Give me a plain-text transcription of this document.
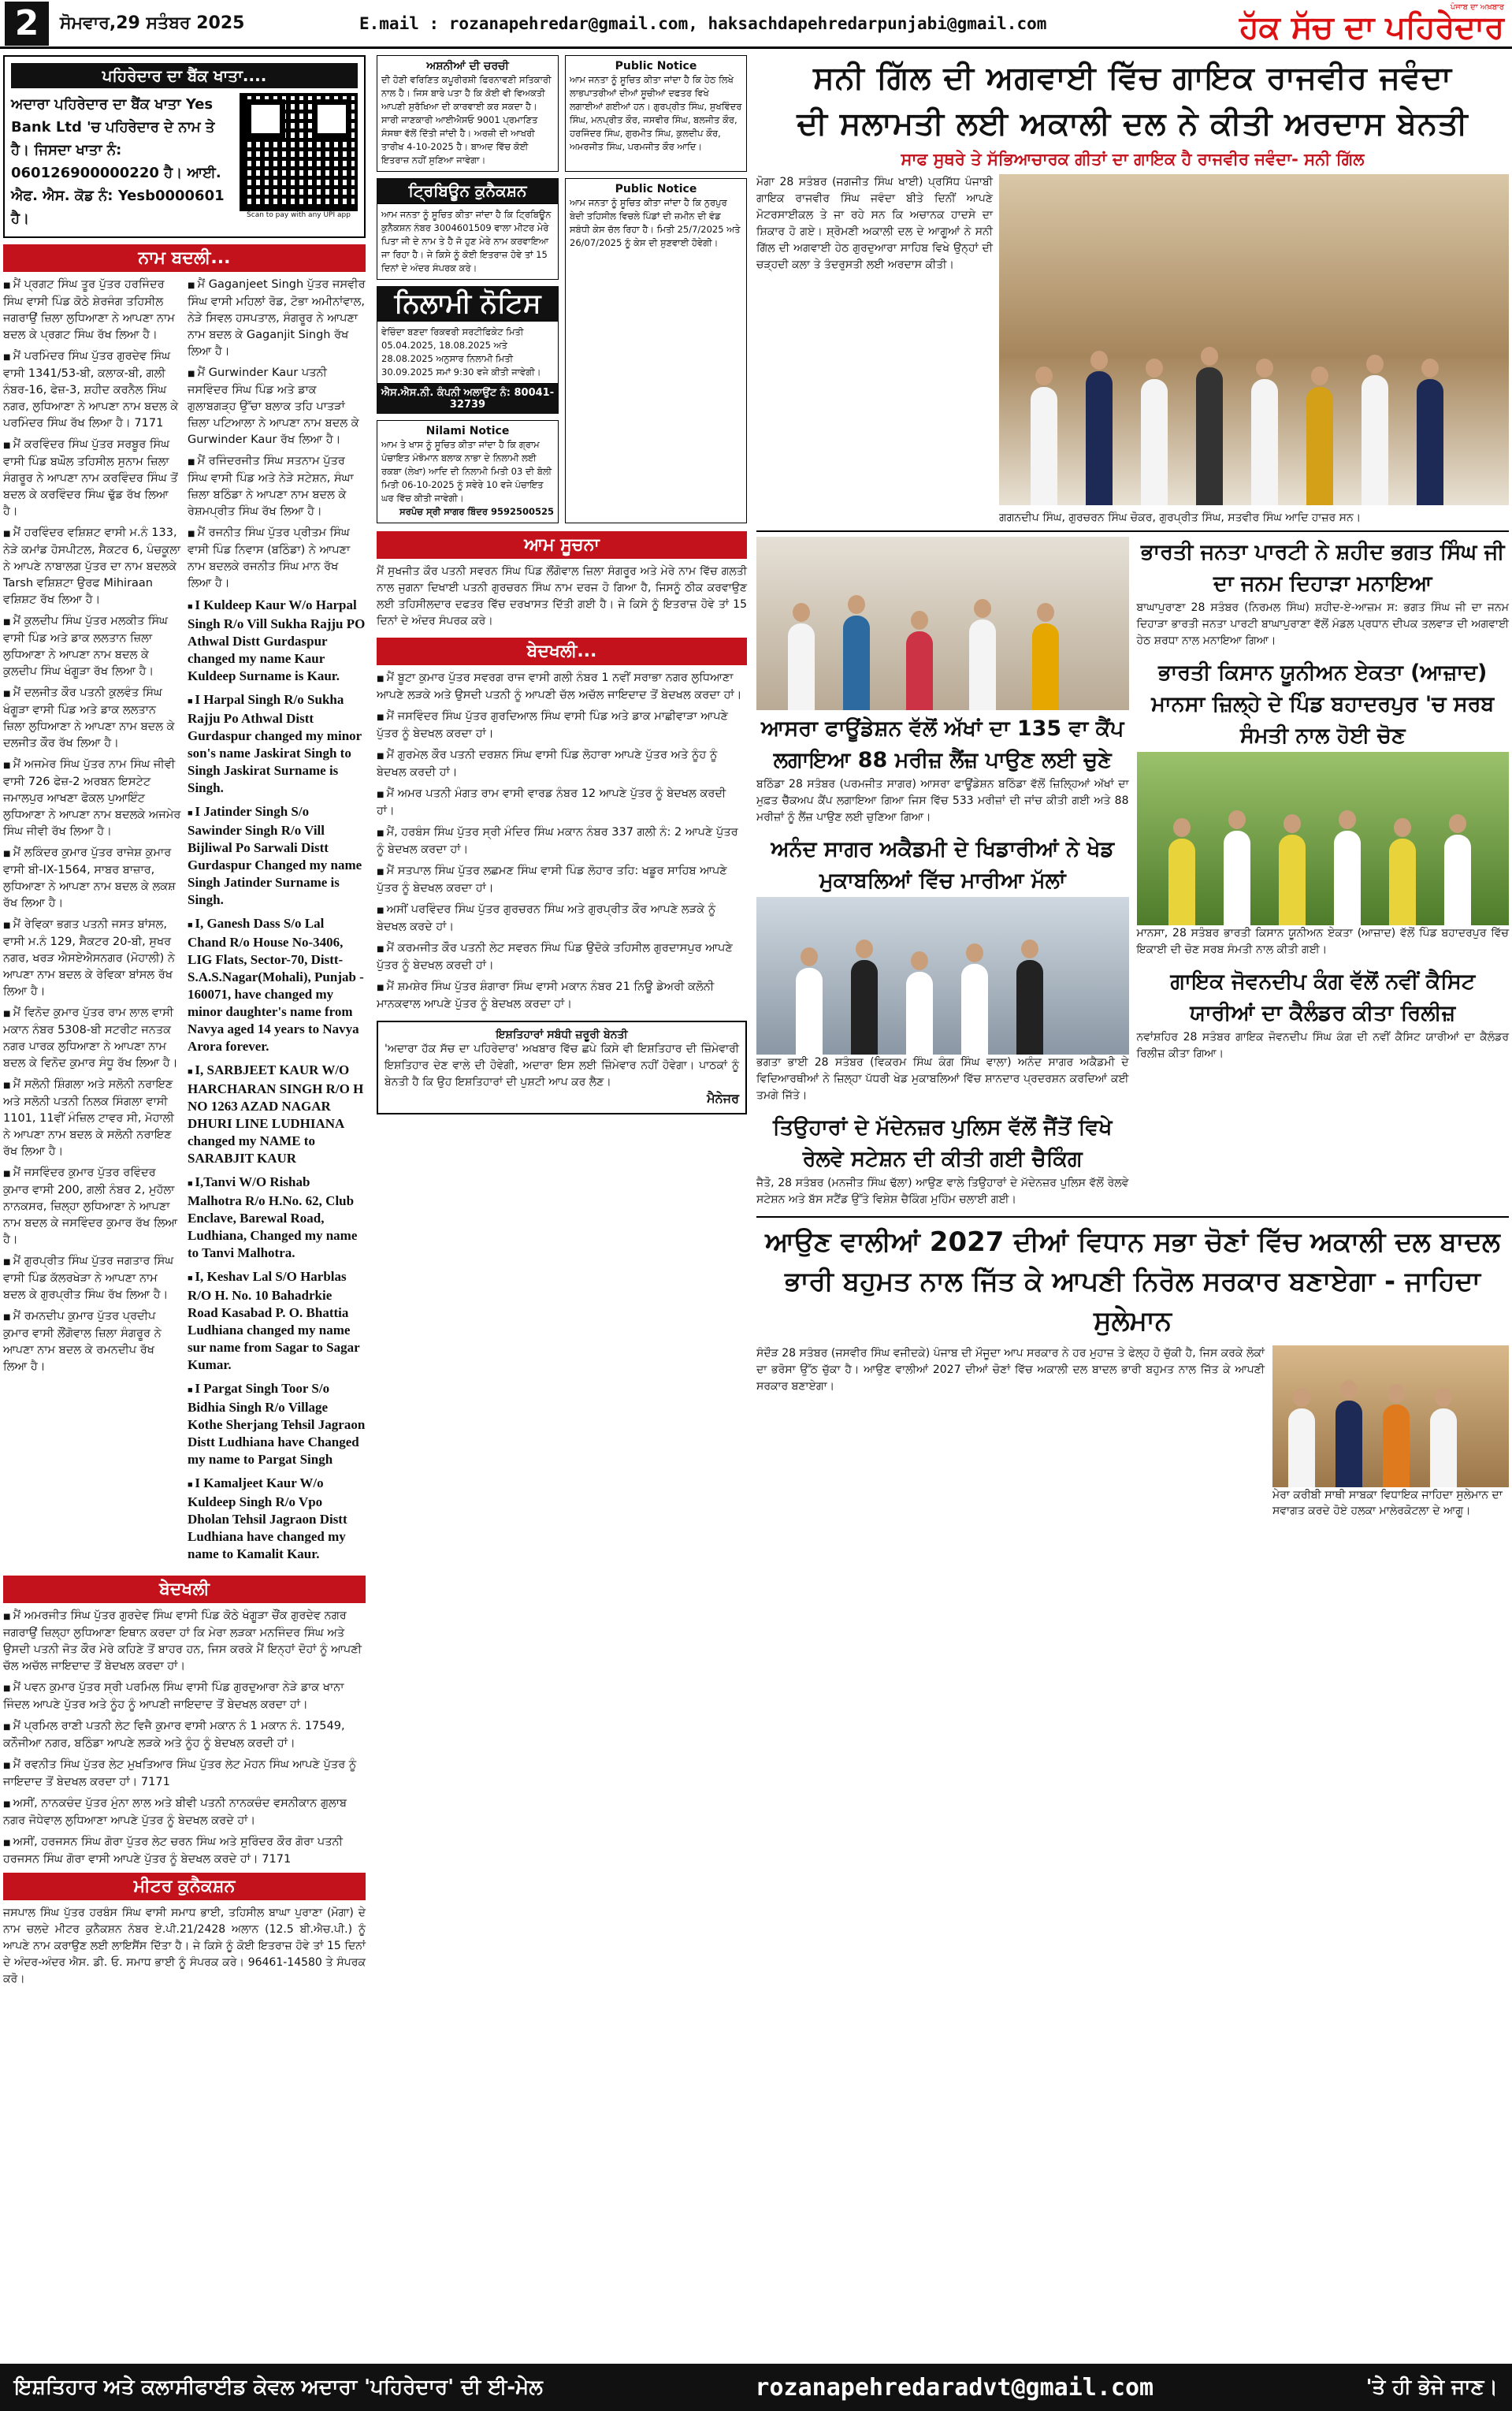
2	ਸੋਮਵਾਰ,29 ਸਤੰਬਰ 2025	E.mail : rozanapehredar@gmail.com, haksachdapehredarpunjabi@gmail.com
ਪੰਜਾਬ ਦਾ ਅਖ਼ਬਾਰ
ਹੱਕ ਸੱਚ ਦਾ ਪਹਿਰੇਦਾਰ
ਪਹਿਰੇਦਾਰ ਦਾ ਬੈਂਕ ਖਾਤਾ....
ਅਦਾਰਾ ਪਹਿਰੇਦਾਰ ਦਾ ਬੈਂਕ ਖਾਤਾ Yes Bank Ltd 'ਚ ਪਹਿਰੇਦਾਰ ਦੇ ਨਾਮ ਤੇ ਹੈ। ਜਿਸਦਾ ਖਾਤਾ ਨੰ: 060126900000220 ਹੈ। ਆਈ. ਐਫ. ਐਸ. ਕੋਡ ਨੰ: Yesb0000601 ਹੈ।	Scan to pay with any UPI app
ਨਾਮ ਬਦਲੀ...
■ ਮੈਂ ਪ੍ਰਗਟ ਸਿੰਘ ਤੂਰ ਪੁੱਤਰ ਹਰਜਿੰਦਰ ਸਿੰਘ ਵਾਸੀ ਪਿੰਡ ਕੋਠੇ ਸ਼ੇਰਜੰਗ ਤਹਿਸੀਲ ਜਗਰਾਉਂ ਜ਼ਿਲਾ ਲੁਧਿਆਣਾ ਨੇ ਆਪਣਾ ਨਾਮ ਬਦਲ ਕੇ ਪ੍ਰਗਟ ਸਿੰਘ ਰੱਖ ਲਿਆ ਹੈ।
■ ਮੈਂ ਪਰਮਿੰਦਰ ਸਿੰਘ ਪੁੱਤਰ ਗੁਰਦੇਵ ਸਿੰਘ ਵਾਸੀ 1341/53-ਬੀ, ਕਲਾਕ-ਬੀ, ਗਲੀ ਨੰਬਰ-16, ਫੇਜ਼-3, ਸ਼ਹੀਦ ਕਰਨੈਲ ਸਿੰਘ ਨਗਰ, ਲੁਧਿਆਣਾ ਨੇ ਆਪਣਾ ਨਾਮ ਬਦਲ ਕੇ ਪਰਮਿੰਦਰ ਸਿੰਘ ਰੱਖ ਲਿਆ ਹੈ। 7171
■ ਮੈਂ ਕਰਵਿੰਦਰ ਸਿੰਘ ਪੁੱਤਰ ਸਰਬੂਰ ਸਿੰਘ ਵਾਸੀ ਪਿੰਡ ਬਘੌਲ ਤਹਿਸੀਲ ਸੁਨਾਮ ਜ਼ਿਲਾ ਸੰਗਰੂਰ ਨੇ ਆਪਣਾ ਨਾਮ ਕਰਵਿੰਦਰ ਸਿੰਘ ਤੋਂ ਬਦਲ ਕੇ ਕਰਵਿੰਦਰ ਸਿੰਘ ਢੁੱਡ ਰੱਖ ਲਿਆ ਹੈ।
■ ਮੈਂ ਹਰਵਿੰਦਰ ਵਸ਼ਿਸ਼ਟ ਵਾਸੀ ਮ.ਨੰ 133, ਨੇੜੇ ਕਮਾਂਡ ਹੋਸਪੀਟਲ, ਸੈਕਟਰ 6, ਪੰਚਕੂਲਾ ਨੇ ਆਪਣੇ ਨਾਬਾਲਗ ਪੁੱਤਰ ਦਾ ਨਾਮ ਬਦਲਕੇ Tarsh ਵਸ਼ਿਸ਼ਟਾ ਉਰਫ Mihiraan ਵਸ਼ਿਸ਼ਟ ਰੱਖ ਲਿਆ ਹੈ।
■ ਮੈਂ ਕੁਲਦੀਪ ਸਿੰਘ ਪੁੱਤਰ ਮਲਕੀਤ ਸਿੰਘ ਵਾਸੀ ਪਿੰਡ ਅਤੇ ਡਾਕ ਲਲਤਾਨ ਜ਼ਿਲਾ ਲੁਧਿਆਣਾ ਨੇ ਆਪਣਾ ਨਾਮ ਬਦਲ ਕੇ ਕੁਲਦੀਪ ਸਿੰਘ ਖੰਗੂੜਾ ਰੱਖ ਲਿਆ ਹੈ।
■ ਮੈਂ ਦਲਜੀਤ ਕੌਰ ਪਤਨੀ ਕੁਲਵੰਤ ਸਿੰਘ ਖੰਗੂੜਾ ਵਾਸੀ ਪਿੰਡ ਅਤੇ ਡਾਕ ਲਲਤਾਨ ਜ਼ਿਲਾ ਲੁਧਿਆਣਾ ਨੇ ਆਪਣਾ ਨਾਮ ਬਦਲ ਕੇ ਦਲਜੀਤ ਕੌਰ ਰੱਖ ਲਿਆ ਹੈ।
■ ਮੈਂ ਅਜਮੇਰ ਸਿੰਘ ਪੁੱਤਰ ਨਾਮ ਸਿੰਘ ਜੀਵੀ ਵਾਸੀ 726 ਫੇਜ਼-2 ਅਰਬਨ ਇਸਟੇਟ ਜਮਾਲਪੁਰ ਆਖਣਾ ਫੋਕਲ ਪੁਆਇੰਟ ਲੁਧਿਆਣਾ ਨੇ ਆਪਣਾ ਨਾਮ ਬਦਲਕੇ ਅਜਮੇਰ ਸਿੰਘ ਜੀਵੀ ਰੱਖ ਲਿਆ ਹੈ।
■ ਮੈਂ ਲਕਿੰਦਰ ਕੁਮਾਰ ਪੁੱਤਰ ਰਾਜੇਸ਼ ਕੁਮਾਰ ਵਾਸੀ ਬੀ-IX-1564, ਸਾਬਰ ਬਾਜ਼ਾਰ, ਲੁਧਿਆਣਾ ਨੇ ਆਪਣਾ ਨਾਮ ਬਦਲ ਕੇ ਲਕਸ਼ ਰੱਖ ਲਿਆ ਹੈ।
■ ਮੈਂ ਰੇਵਿਕਾ ਭਗਤ ਪਤਨੀ ਜਸਤ ਬਾਂਸਲ, ਵਾਸੀ ਮ.ਨੰ 129, ਸੈਕਟਰ 20-ਬੀ, ਸੁਖਰ ਨਗਰ, ਖਰੜ ਐਸਏਐਸਨਗਰ (ਮੋਹਾਲੀ) ਨੇ ਆਪਣਾ ਨਾਮ ਬਦਲ ਕੇ ਰੇਵਿਕਾ ਬਾਂਸਲ ਰੱਖ ਲਿਆ ਹੈ।
■ ਮੈਂ ਵਿਨੋਦ ਕੁਮਾਰ ਪੁੱਤਰ ਰਾਮ ਲਾਲ ਵਾਸੀ ਮਕਾਨ ਨੰਬਰ 5308-ਬੀ ਸਟਰੀਟ ਜਨਤਕ ਨਗਰ ਪਾਰਕ ਲੁਧਿਆਣਾ ਨੇ ਆਪਣਾ ਨਾਮ ਬਦਲ ਕੇ ਵਿਨੋਦ ਕੁਮਾਰ ਸੰਧੂ ਰੱਖ ਲਿਆ ਹੈ।
■ ਮੈਂ ਸਲੋਨੀ ਸ਼ਿੰਗਲਾ ਅਤੇ ਸਲੋਨੀ ਨਰਾਇਣ ਅਤੇ ਸਲੋਨੀ ਪਤਨੀ ਨਿਲਕ ਸਿੰਗਲਾ ਵਾਸੀ 1101, 11ਵੀਂ ਮੰਜ਼ਿਲ ਟਾਵਰ ਸੀ, ਮੋਹਾਲੀ ਨੇ ਆਪਣਾ ਨਾਮ ਬਦਲ ਕੇ ਸਲੋਨੀ ਨਰਾਇਣ ਰੱਖ ਲਿਆ ਹੈ।
■ ਮੈਂ ਜਸਵਿੰਦਰ ਕੁਮਾਰ ਪੁੱਤਰ ਰਵਿੰਦਰ ਕੁਮਾਰ ਵਾਸੀ 200, ਗਲੀ ਨੰਬਰ 2, ਮੁਹੱਲਾ ਨਾਨਕਸਰ, ਜ਼ਿਲ੍ਹਾ ਲੁਧਿਆਣਾ ਨੇ ਆਪਣਾ ਨਾਮ ਬਦਲ ਕੇ ਜਸਵਿੰਦਰ ਕੁਮਾਰ ਰੱਖ ਲਿਆ ਹੈ।
■ ਮੈਂ ਗੁਰਪ੍ਰੀਤ ਸਿੰਘ ਪੁੱਤਰ ਜਗਤਾਰ ਸਿੰਘ ਵਾਸੀ ਪਿੰਡ ਕੱਲਰਖੇੜਾ ਨੇ ਆਪਣਾ ਨਾਮ ਬਦਲ ਕੇ ਗੁਰਪ੍ਰੀਤ ਸਿੰਘ ਰੱਖ ਲਿਆ ਹੈ।
■ ਮੈਂ ਰਮਨਦੀਪ ਕੁਮਾਰ ਪੁੱਤਰ ਪ੍ਰਦੀਪ ਕੁਮਾਰ ਵਾਸੀ ਲੌਂਗੋਵਾਲ ਜ਼ਿਲਾ ਸੰਗਰੂਰ ਨੇ ਆਪਣਾ ਨਾਮ ਬਦਲ ਕੇ ਰਮਨਦੀਪ ਰੱਖ ਲਿਆ ਹੈ।
■ ਮੈਂ Gaganjeet Singh ਪੁੱਤਰ ਜਸਵੀਰ ਸਿੰਘ ਵਾਸੀ ਮਹਿਲਾਂ ਰੋਡ, ਟੋਭਾ ਅਮੀਨਾਂਵਾਲ, ਨੇੜੇ ਸਿਵਲ ਹਸਪਤਾਲ, ਸੰਗਰੂਰ ਨੇ ਆਪਣਾ ਨਾਮ ਬਦਲ ਕੇ Gaganjit Singh ਰੱਖ ਲਿਆ ਹੈ।
■ ਮੈਂ Gurwinder Kaur ਪਤਨੀ ਜਸਵਿੰਦਰ ਸਿੰਘ ਪਿੰਡ ਅਤੇ ਡਾਕ ਗੁਲਾਬਗੜ੍ਹ ਉੱਚਾ ਬਲਾਕ ਤਹਿ ਪਾਤੜਾਂ ਜ਼ਿਲਾ ਪਟਿਆਲਾ ਨੇ ਆਪਣਾ ਨਾਮ ਬਦਲ ਕੇ Gurwinder Kaur ਰੱਖ ਲਿਆ ਹੈ।
■ ਮੈਂ ਰਜਿੰਦਰਜੀਤ ਸਿੰਘ ਸਤਨਾਮ ਪੁੱਤਰ ਸਿੰਘ ਵਾਸੀ ਪਿੰਡ ਅਤੇ ਨੇੜੇ ਸਟੇਸ਼ਨ, ਸੰਘਾ ਜ਼ਿਲਾ ਬਠਿੰਡਾ ਨੇ ਆਪਣਾ ਨਾਮ ਬਦਲ ਕੇ ਰੇਸ਼ਮਪ੍ਰੀਤ ਸਿੰਘ ਰੱਖ ਲਿਆ ਹੈ।
■ ਮੈਂ ਰਜਨੀਤ ਸਿੰਘ ਪੁੱਤਰ ਪ੍ਰੀਤਮ ਸਿੰਘ ਵਾਸੀ ਪਿੰਡ ਨਿਵਾਸ (ਬਠਿੰਡਾ) ਨੇ ਆਪਣਾ ਨਾਮ ਬਦਲਕੇ ਰਜਨੀਤ ਸਿੰਘ ਮਾਨ ਰੱਖ ਲਿਆ ਹੈ।
■ I Kuldeep Kaur W/o Harpal Singh R/o Vill Sukha Rajju PO Athwal Distt Gurdaspur changed my name Kaur Kuldeep Surname is Kaur.
■ I Harpal Singh R/o Sukha Rajju Po Athwal Distt Gurdaspur changed my minor son's name Jaskirat Singh to Singh Jaskirat Surname is Singh.
■ I Jatinder Singh S/o Sawinder Singh R/o Vill Bijliwal Po Sarwali Distt Gurdaspur Changed my name Singh Jatinder Surname is Singh.
■ I, Ganesh Dass S/o Lal Chand R/o House No-3406, LIG Flats, Sector-70, Distt-S.A.S.Nagar(Mohali), Punjab - 160071, have changed my minor daughter's name from Navya aged 14 years to Navya Arora forever.
■ I, SARBJEET KAUR W/O HARCHARAN SINGH R/O H NO 1263 AZAD NAGAR DHURI LINE LUDHIANA changed my NAME to SARABJIT KAUR
■ I,Tanvi W/O Rishab Malhotra R/o H.No. 62, Club Enclave, Barewal Road, Ludhiana, Changed my name to Tanvi Malhotra.
■ I, Keshav Lal S/O Harblas R/O H. No. 10 Bahadrkie Road Kasabad P. O. Bhattia Ludhiana changed my name sur name from Sagar to Sagar Kumar.
■ I Pargat Singh Toor S/o Bidhia Singh R/o Village Kothe Sherjang Tehsil Jagraon Distt Ludhiana have Changed my name to Pargat Singh
■ I Kamaljeet Kaur W/o Kuldeep Singh R/o Vpo Dholan Tehsil Jagraon Distt Ludhiana have changed my name to Kamalit Kaur.
ਬੇਦਖਲੀ
■ ਮੈਂ ਅਮਰਜੀਤ ਸਿੰਘ ਪੁੱਤਰ ਗੁਰਦੇਵ ਸਿੰਘ ਵਾਸੀ ਪਿੰਡ ਕੋਠੇ ਖੰਗੂੜਾ ਚੌਂਕ ਗੁਰਦੇਵ ਨਗਰ ਜਗਰਾਉਂ ਜ਼ਿਲ੍ਹਾ ਲੁਧਿਆਣਾ ਇਥਾਨ ਕਰਦਾ ਹਾਂ ਕਿ ਮੇਰਾ ਲੜਕਾ ਮਨਜਿੰਦਰ ਸਿੰਘ ਅਤੇ ਉਸਦੀ ਪਤਨੀ ਜੋਤ ਕੌਰ ਮੇਰੇ ਕਹਿਣੇ ਤੋਂ ਬਾਹਰ ਹਨ, ਜਿਸ ਕਰਕੇ ਮੈਂ ਇਨ੍ਹਾਂ ਦੋਹਾਂ ਨੂੰ ਆਪਣੀ ਚੱਲ ਅਚੱਲ ਜਾਇਦਾਦ ਤੋਂ ਬੇਦਖਲ ਕਰਦਾ ਹਾਂ।
■ ਮੈਂ ਪਵਨ ਕੁਮਾਰ ਪੁੱਤਰ ਸ੍ਰੀ ਪਰਮਿਲ ਸਿੰਘ ਵਾਸੀ ਪਿੰਡ ਗੁਰਦੁਆਰਾ ਨੇੜੇ ਡਾਕ ਖਾਨਾ ਜਿੰਦਲ ਆਪਣੇ ਪੁੱਤਰ ਅਤੇ ਨੂੰਹ ਨੂੰ ਆਪਣੀ ਜਾਇਦਾਦ ਤੋਂ ਬੇਦਖਲ ਕਰਦਾ ਹਾਂ।
■ ਮੈਂ ਪ੍ਰਮਿਲ ਰਾਣੀ ਪਤਨੀ ਲੇਟ ਵਿਜੈ ਕੁਮਾਰ ਵਾਸੀ ਮਕਾਨ ਨੰ 1 ਮਕਾਨ ਨੰ. 17549, ਕਨੌਜੀਆ ਨਗਰ, ਬਠਿੰਡਾ ਆਪਣੇ ਲੜਕੇ ਅਤੇ ਨੂੰਹ ਨੂੰ ਬੇਦਖਲ ਕਰਦੀ ਹਾਂ।
■ ਮੈਂ ਰਵਨੀਤ ਸਿੰਘ ਪੁੱਤਰ ਲੇਟ ਮੁਖਤਿਆਰ ਸਿੰਘ ਪੁੱਤਰ ਲੇਟ ਮੋਹਨ ਸਿੰਘ ਆਪਣੇ ਪੁੱਤਰ ਨੂੰ ਜਾਇਦਾਦ ਤੋਂ ਬੇਦਖਲ ਕਰਦਾ ਹਾਂ। 7171
■ ਅਸੀਂ, ਨਾਨਕਚੰਦ ਪੁੱਤਰ ਮੁੰਨਾ ਲਾਲ ਅਤੇ ਬੀਵੀ ਪਤਨੀ ਨਾਨਕਚੰਦ ਵਸਨੀਕਾਨ ਗੁਲਾਬ ਨਗਰ ਜੋਧੇਵਾਲ ਲੁਧਿਆਣਾ ਆਪਣੇ ਪੁੱਤਰ ਨੂੰ ਬੇਦਖਲ ਕਰਦੇ ਹਾਂ।
■ ਅਸੀਂ, ਹਰਜਸਨ ਸਿੰਘ ਗੋਰਾ ਪੁੱਤਰ ਲੇਟ ਚਰਨ ਸਿੰਘ ਅਤੇ ਸੁਰਿੰਦਰ ਕੌਰ ਗੋਰਾ ਪਤਨੀ ਹਰਜਸਨ ਸਿੰਘ ਗੋਰਾ ਵਾਸੀ ਆਪਣੇ ਪੁੱਤਰ ਨੂੰ ਬੇਦਖਲ ਕਰਦੇ ਹਾਂ। 7171
ਮੀਟਰ ਕੁਨੈਕਸ਼ਨ
ਜਸਪਾਲ ਸਿੰਘ ਪੁੱਤਰ ਹਰਬੰਸ ਸਿੰਘ ਵਾਸੀ ਸਮਾਧ ਭਾਈ, ਤਹਿਸੀਲ ਬਾਘਾ ਪੁਰਾਣਾ (ਮੋਗਾ) ਦੇ ਨਾਮ ਚਲਦੇ ਮੀਟਰ ਕੁਨੈਕਸ਼ਨ ਨੰਬਰ ਏ.ਪੀ.21/2428 ਅਲਾਨ (12.5 ਬੀ.ਐਚ.ਪੀ.) ਨੂੰ ਆਪਣੇ ਨਾਮ ਕਰਾਉਣ ਲਈ ਲਾਇਸੈਂਸ ਦਿੱਤਾ ਹੈ। ਜੇ ਕਿਸੇ ਨੂੰ ਕੋਈ ਇਤਰਾਜ਼ ਹੋਵੇ ਤਾਂ 15 ਦਿਨਾਂ ਦੇ ਅੰਦਰ-ਅੰਦਰ ਐਸ. ਡੀ. ਓ. ਸਮਾਧ ਭਾਈ ਨੂੰ ਸੰਪਰਕ ਕਰੇ। 96461-14580 ਤੇ ਸੰਪਰਕ ਕਰੋ।
ਅਸ਼ਨੀਆਂ ਦੀ ਚਰਚੀ
ਦੀ ਹੋਣੀ ਵਰਿਣਿਤ ਕਪੂਰੀਰਸ਼ੀ ਫਿਰਨਾਵਣੀ ਸਤਿਕਾਰੀ ਨਾਲ ਹੈ। ਜਿਸ ਬਾਰੇ ਪਤਾ ਹੈ ਕਿ ਕੋਈ ਵੀ ਵਿਅਕਤੀ ਆਪਣੀ ਸੁਰੱਖਿਆ ਦੀ ਕਾਰਵਾਈ ਕਰ ਸਕਦਾ ਹੈ। ਸਾਰੀ ਜਾਣਕਾਰੀ ਆਈਐਸਓ 9001 ਪ੍ਰਮਾਣਿਤ ਸੰਸਥਾ ਵੱਲੋਂ ਦਿੱਤੀ ਜਾਂਦੀ ਹੈ। ਅਰਜ਼ੀ ਦੀ ਆਖਰੀ ਤਾਰੀਖ 4-10-2025 ਹੈ। ਬਾਅਦ ਵਿੱਚ ਕੋਈ ਇਤਰਾਜ਼ ਨਹੀਂ ਸੁਣਿਆ ਜਾਵੇਗਾ।
Public Notice
ਆਮ ਜਨਤਾ ਨੂੰ ਸੂਚਿਤ ਕੀਤਾ ਜਾਂਦਾ ਹੈ ਕਿ ਹੇਠ ਲਿਖੇ ਲਾਭਪਾਤਰੀਆਂ ਦੀਆਂ ਸੂਚੀਆਂ ਦਫਤਰ ਵਿਖੇ ਲਗਾਈਆਂ ਗਈਆਂ ਹਨ। ਗੁਰਪ੍ਰੀਤ ਸਿੰਘ, ਸੁਖਵਿੰਦਰ ਸਿੰਘ, ਮਨਪ੍ਰੀਤ ਕੌਰ, ਜਸਵੀਰ ਸਿੰਘ, ਬਲਜੀਤ ਕੌਰ, ਹਰਜਿੰਦਰ ਸਿੰਘ, ਗੁਰਮੀਤ ਸਿੰਘ, ਕੁਲਦੀਪ ਕੌਰ, ਅਮਰਜੀਤ ਸਿੰਘ, ਪਰਮਜੀਤ ਕੌਰ ਆਦਿ।
ਟ੍ਰਿਬਿਊਨ ਕੁਨੈਕਸ਼ਨ
ਆਮ ਜਨਤਾ ਨੂੰ ਸੂਚਿਤ ਕੀਤਾ ਜਾਂਦਾ ਹੈ ਕਿ ਟ੍ਰਿਬਿਊਨ ਕੁਨੈਕਸ਼ਨ ਨੰਬਰ 3004601509 ਵਾਲਾ ਮੀਟਰ ਮੇਰੇ ਪਿਤਾ ਜੀ ਦੇ ਨਾਮ ਤੇ ਹੈ ਜੋ ਹੁਣ ਮੇਰੇ ਨਾਮ ਕਰਵਾਇਆ ਜਾ ਰਿਹਾ ਹੈ। ਜੇ ਕਿਸੇ ਨੂੰ ਕੋਈ ਇਤਰਾਜ਼ ਹੋਵੇ ਤਾਂ 15 ਦਿਨਾਂ ਦੇ ਅੰਦਰ ਸੰਪਰਕ ਕਰੇ।
ਨਿਲਾਮੀ ਨੋਟਿਸ
ਵੇਚਿੰਦਾ ਬਣਦਾ ਰਿਕਵਰੀ ਸਰਟੀਫਿਕੇਟ ਮਿਤੀ 05.04.2025, 18.08.2025 ਅਤੇ 28.08.2025 ਅਨੁਸਾਰ ਨਿਲਾਮੀ ਮਿਤੀ 30.09.2025 ਸਮਾਂ 9:30 ਵਜੇ ਕੀਤੀ ਜਾਵੇਗੀ।
ਐਸ.ਐਸ.ਨੀ. ਕੰਪਨੀ ਅਲਾਉਂਟ ਨੰ: 80041-32739
Nilami Notice
ਆਮ ਤੇ ਖਾਸ ਨੂੰ ਸੂਚਿਤ ਕੀਤਾ ਜਾਂਦਾ ਹੈ ਕਿ ਗ੍ਰਾਮ ਪੰਚਾਇਤ ਮੰਝੋਮਾਨ ਬਲਾਕ ਨਾਭਾ ਦੇ ਨਿਲਾਮੀ ਲਈ ਰਕਬਾ (ਲੇਖਾ) ਆਦਿ ਦੀ ਨਿਲਾਮੀ ਮਿਤੀ 03 ਦੀ ਬੋਲੀ ਮਿਤੀ 06-10-2025 ਨੂੰ ਸਵੇਰੇ 10 ਵਜੇ ਪੰਚਾਇਤ ਘਰ ਵਿੱਚ ਕੀਤੀ ਜਾਵੇਗੀ।
ਸਰਪੰਚ ਸ੍ਰੀ ਸਾਗਰ ਬਿੰਦਰ 9592500525
Public Notice
ਆਮ ਜਨਤਾ ਨੂੰ ਸੂਚਿਤ ਕੀਤਾ ਜਾਂਦਾ ਹੈ ਕਿ ਨੁਰਪੁਰ ਬੇਦੀ ਤਹਿਸੀਲ ਵਿਚਲੇ ਪਿੰਡਾਂ ਦੀ ਜ਼ਮੀਨ ਦੀ ਵੰਡ ਸਬੰਧੀ ਕੇਸ ਚੱਲ ਰਿਹਾ ਹੈ। ਮਿਤੀ 25/7/2025 ਅਤੇ 26/07/2025 ਨੂੰ ਕੇਸ ਦੀ ਸੁਣਵਾਈ ਹੋਵੇਗੀ।
ਆਮ ਸੂਚਨਾ
ਮੈਂ ਸੁਖਜੀਤ ਕੌਰ ਪਤਨੀ ਸਵਰਨ ਸਿੰਘ ਪਿੰਡ ਲੌਂਗੋਵਾਲ ਜ਼ਿਲਾ ਸੰਗਰੂਰ ਅਤੇ ਮੇਰੇ ਨਾਮ ਵਿੱਚ ਗਲਤੀ ਨਾਲ ਜੁਗਨਾ ਦਿਖਾਈ ਪਤਨੀ ਗੁਰਚਰਨ ਸਿੰਘ ਨਾਮ ਦਰਜ ਹੋ ਗਿਆ ਹੈ, ਜਿਸਨੂੰ ਠੀਕ ਕਰਵਾਉਣ ਲਈ ਤਹਿਸੀਲਦਾਰ ਦਫਤਰ ਵਿੱਚ ਦਰਖਾਸਤ ਦਿੱਤੀ ਗਈ ਹੈ। ਜੇ ਕਿਸੇ ਨੂੰ ਇਤਰਾਜ਼ ਹੋਵੇ ਤਾਂ 15 ਦਿਨਾਂ ਦੇ ਅੰਦਰ ਸੰਪਰਕ ਕਰੇ।
ਬੇਦਖਲੀ...
■ ਮੈਂ ਬੂਟਾ ਕੁਮਾਰ ਪੁੱਤਰ ਸਵਰਗ ਰਾਜ ਵਾਸੀ ਗਲੀ ਨੰਬਰ 1 ਨਵੀਂ ਸਰਾਭਾ ਨਗਰ ਲੁਧਿਆਣਾ ਆਪਣੇ ਲੜਕੇ ਅਤੇ ਉਸਦੀ ਪਤਨੀ ਨੂੰ ਆਪਣੀ ਚੱਲ ਅਚੱਲ ਜਾਇਦਾਦ ਤੋਂ ਬੇਦਖਲ ਕਰਦਾ ਹਾਂ।
■ ਮੈਂ ਜਸਵਿੰਦਰ ਸਿੰਘ ਪੁੱਤਰ ਗੁਰਦਿਆਲ ਸਿੰਘ ਵਾਸੀ ਪਿੰਡ ਅਤੇ ਡਾਕ ਮਾਛੀਵਾੜਾ ਆਪਣੇ ਪੁੱਤਰ ਨੂੰ ਬੇਦਖਲ ਕਰਦਾ ਹਾਂ।
■ ਮੈਂ ਗੁਰਮੇਲ ਕੌਰ ਪਤਨੀ ਦਰਸ਼ਨ ਸਿੰਘ ਵਾਸੀ ਪਿੰਡ ਲੋਹਾਰਾ ਆਪਣੇ ਪੁੱਤਰ ਅਤੇ ਨੂੰਹ ਨੂੰ ਬੇਦਖਲ ਕਰਦੀ ਹਾਂ।
■ ਮੈਂ ਅਮਰ ਪਤਨੀ ਮੰਗਤ ਰਾਮ ਵਾਸੀ ਵਾਰਡ ਨੰਬਰ 12 ਆਪਣੇ ਪੁੱਤਰ ਨੂੰ ਬੇਦਖਲ ਕਰਦੀ ਹਾਂ।
■ ਮੈਂ, ਹਰਬੰਸ ਸਿੰਘ ਪੁੱਤਰ ਸ੍ਰੀ ਮੰਦਿਰ ਸਿੰਘ ਮਕਾਨ ਨੰਬਰ 337 ਗਲੀ ਨੰ: 2 ਆਪਣੇ ਪੁੱਤਰ ਨੂੰ ਬੇਦਖਲ ਕਰਦਾ ਹਾਂ।
■ ਮੈਂ ਸਤਪਾਲ ਸਿੰਘ ਪੁੱਤਰ ਲਛਮਣ ਸਿੰਘ ਵਾਸੀ ਪਿੰਡ ਲੋਹਾਰ ਤਹਿ: ਖਡੂਰ ਸਾਹਿਬ ਆਪਣੇ ਪੁੱਤਰ ਨੂੰ ਬੇਦਖਲ ਕਰਦਾ ਹਾਂ।
■ ਅਸੀਂ ਪਰਵਿੰਦਰ ਸਿੰਘ ਪੁੱਤਰ ਗੁਰਚਰਨ ਸਿੰਘ ਅਤੇ ਗੁਰਪ੍ਰੀਤ ਕੌਰ ਆਪਣੇ ਲੜਕੇ ਨੂੰ ਬੇਦਖਲ ਕਰਦੇ ਹਾਂ।
■ ਮੈਂ ਕਰਮਜੀਤ ਕੌਰ ਪਤਨੀ ਲੇਟ ਸਵਰਨ ਸਿੰਘ ਪਿੰਡ ਉਦੋਕੇ ਤਹਿਸੀਲ ਗੁਰਦਾਸਪੁਰ ਆਪਣੇ ਪੁੱਤਰ ਨੂੰ ਬੇਦਖਲ ਕਰਦੀ ਹਾਂ।
■ ਮੈਂ ਸ਼ਮਸ਼ੇਰ ਸਿੰਘ ਪੁੱਤਰ ਸ਼ੰਗਾਰਾ ਸਿੰਘ ਵਾਸੀ ਮਕਾਨ ਨੰਬਰ 21 ਨਿਊ ਡੇਅਰੀ ਕਲੋਨੀ ਮਾਨਕਵਾਲ ਆਪਣੇ ਪੁੱਤਰ ਨੂੰ ਬੇਦਖਲ ਕਰਦਾ ਹਾਂ।
ਇਸ਼ਤਿਹਾਰਾਂ ਸਬੰਧੀ ਜ਼ਰੂਰੀ ਬੇਨਤੀ
'ਅਦਾਰਾ ਹੱਕ ਸੱਚ ਦਾ ਪਹਿਰੇਦਾਰ' ਅਖਬਾਰ ਵਿੱਚ ਛਪੇ ਕਿਸੇ ਵੀ ਇਸ਼ਤਿਹਾਰ ਦੀ ਜ਼ਿੰਮੇਵਾਰੀ ਇਸ਼ਤਿਹਾਰ ਦੇਣ ਵਾਲੇ ਦੀ ਹੋਵੇਗੀ, ਅਦਾਰਾ ਇਸ ਲਈ ਜ਼ਿੰਮੇਵਾਰ ਨਹੀਂ ਹੋਵੇਗਾ। ਪਾਠਕਾਂ ਨੂੰ ਬੇਨਤੀ ਹੈ ਕਿ ਉਹ ਇਸ਼ਤਿਹਾਰਾਂ ਦੀ ਪੁਸ਼ਟੀ ਆਪ ਕਰ ਲੈਣ।
ਮੈਨੇਜਰ
ਸਨੀ ਗਿੱਲ ਦੀ ਅਗਵਾਈ ਵਿੱਚ ਗਾਇਕ ਰਾਜਵੀਰ ਜਵੰਦਾ
ਦੀ ਸਲਾਮਤੀ ਲਈ ਅਕਾਲੀ ਦਲ ਨੇ ਕੀਤੀ ਅਰਦਾਸ ਬੇਨਤੀ
ਸਾਫ ਸੁਥਰੇ ਤੇ ਸੱਭਿਆਚਾਰਕ ਗੀਤਾਂ ਦਾ ਗਾਇਕ ਹੈ ਰਾਜਵੀਰ ਜਵੰਦਾ- ਸਨੀ ਗਿੱਲ
ਮੋਗਾ 28 ਸਤੰਬਰ (ਜਗਜੀਤ ਸਿੰਘ ਖਾਈ) ਪ੍ਰਸਿੱਧ ਪੰਜਾਬੀ ਗਾਇਕ ਰਾਜਵੀਰ ਸਿੰਘ ਜਵੰਦਾ ਬੀਤੇ ਦਿਨੀਂ ਆਪਣੇ ਮੋਟਰਸਾਈਕਲ ਤੇ ਜਾ ਰਹੇ ਸਨ ਕਿ ਅਚਾਨਕ ਹਾਦਸੇ ਦਾ ਸ਼ਿਕਾਰ ਹੋ ਗਏ। ਸ਼੍ਰੋਮਣੀ ਅਕਾਲੀ ਦਲ ਦੇ ਆਗੂਆਂ ਨੇ ਸਨੀ ਗਿੱਲ ਦੀ ਅਗਵਾਈ ਹੇਠ ਗੁਰਦੁਆਰਾ ਸਾਹਿਬ ਵਿਖੇ ਉਨ੍ਹਾਂ ਦੀ ਚੜ੍ਹਦੀ ਕਲਾ ਤੇ ਤੰਦਰੁਸਤੀ ਲਈ ਅਰਦਾਸ ਕੀਤੀ।
ਗਗਨਦੀਪ ਸਿੰਘ, ਗੁਰਚਰਨ ਸਿੰਘ ਚੋਕਰ, ਗੁਰਪ੍ਰੀਤ ਸਿੰਘ, ਸਤਵੀਰ ਸਿੰਘ ਆਦਿ ਹਾਜ਼ਰ ਸਨ।
ਆਸਰਾ ਫਾਊਂਡੇਸ਼ਨ ਵੱਲੋਂ ਅੱਖਾਂ ਦਾ 135 ਵਾ ਕੈਂਪ ਲਗਾਇਆ 88 ਮਰੀਜ਼ ਲੈਂਜ਼ ਪਾਉਣ ਲਈ ਚੁਣੇ
ਬਠਿੰਡਾ 28 ਸਤੰਬਰ (ਪਰਮਜੀਤ ਸਾਗਰ) ਆਸਰਾ ਫਾਊਂਡੇਸ਼ਨ ਬਠਿੰਡਾ ਵੱਲੋਂ ਜ਼ਿਲ੍ਹਿਆਂ ਅੱਖਾਂ ਦਾ ਮੁਫ਼ਤ ਚੈੱਕਅਪ ਕੈਂਪ ਲਗਾਇਆ ਗਿਆ ਜਿਸ ਵਿੱਚ 533 ਮਰੀਜ਼ਾਂ ਦੀ ਜਾਂਚ ਕੀਤੀ ਗਈ ਅਤੇ 88 ਮਰੀਜ਼ਾਂ ਨੂੰ ਲੈਂਜ਼ ਪਾਉਣ ਲਈ ਚੁਣਿਆ ਗਿਆ।
ਅਨੰਦ ਸਾਗਰ ਅਕੈਡਮੀ ਦੇ ਖਿਡਾਰੀਆਂ ਨੇ ਖੇਡ ਮੁਕਾਬਲਿਆਂ ਵਿੱਚ ਮਾਰੀਆ ਮੱਲਾਂ
ਭਗਤਾ ਭਾਈ 28 ਸਤੰਬਰ (ਵਿਕਰਮ ਸਿੰਘ ਕੰਗ ਸਿੰਘ ਵਾਲਾ) ਅਨੰਦ ਸਾਗਰ ਅਕੈਡਮੀ ਦੇ ਵਿਦਿਆਰਥੀਆਂ ਨੇ ਜ਼ਿਲ੍ਹਾ ਪੱਧਰੀ ਖੇਡ ਮੁਕਾਬਲਿਆਂ ਵਿੱਚ ਸ਼ਾਨਦਾਰ ਪ੍ਰਦਰਸ਼ਨ ਕਰਦਿਆਂ ਕਈ ਤਮਗੇ ਜਿੱਤੇ।
ਤਿਉਹਾਰਾਂ ਦੇ ਮੱਦੇਨਜ਼ਰ ਪੁਲਿਸ ਵੱਲੋਂ ਜੈਂਤੋਂ ਵਿਖੇ ਰੇਲਵੇ ਸਟੇਸ਼ਨ ਦੀ ਕੀਤੀ ਗਈ ਚੈਕਿੰਗ
ਜੈਤੋ, 28 ਸਤੰਬਰ (ਮਨਜੀਤ ਸਿੰਘ ਢੱਲਾ) ਆਉਣ ਵਾਲੇ ਤਿਉਹਾਰਾਂ ਦੇ ਮੱਦੇਨਜ਼ਰ ਪੁਲਿਸ ਵੱਲੋਂ ਰੇਲਵੇ ਸਟੇਸ਼ਨ ਅਤੇ ਬੱਸ ਸਟੈਂਡ ਉੱਤੇ ਵਿਸ਼ੇਸ਼ ਚੈਕਿੰਗ ਮੁਹਿੰਮ ਚਲਾਈ ਗਈ।
ਭਾਰਤੀ ਜਨਤਾ ਪਾਰਟੀ ਨੇ ਸ਼ਹੀਦ ਭਗਤ ਸਿੰਘ ਜੀ ਦਾ ਜਨਮ ਦਿਹਾੜਾ ਮਨਾਇਆ
ਬਾਘਾਪੁਰਾਣਾ 28 ਸਤੰਬਰ (ਨਿਰਮਲ ਸਿੰਘ) ਸ਼ਹੀਦ-ਏ-ਆਜ਼ਮ ਸ: ਭਗਤ ਸਿੰਘ ਜੀ ਦਾ ਜਨਮ ਦਿਹਾੜਾ ਭਾਰਤੀ ਜਨਤਾ ਪਾਰਟੀ ਬਾਘਾਪੁਰਾਣਾ ਵੱਲੋਂ ਮੰਡਲ ਪ੍ਰਧਾਨ ਦੀਪਕ ਤਲਵਾੜ ਦੀ ਅਗਵਾਈ ਹੇਠ ਸ਼ਰਧਾ ਨਾਲ ਮਨਾਇਆ ਗਿਆ।
ਭਾਰਤੀ ਕਿਸਾਨ ਯੂਨੀਅਨ ਏਕਤਾ (ਆਜ਼ਾਦ) ਮਾਨਸਾ ਜ਼ਿਲ੍ਹੇ ਦੇ ਪਿੰਡ ਬਹਾਦਰਪੁਰ 'ਚ ਸਰਬ ਸੰਮਤੀ ਨਾਲ ਹੋਈ ਚੋਣ
ਮਾਨਸਾ, 28 ਸਤੰਬਰ ਭਾਰਤੀ ਕਿਸਾਨ ਯੂਨੀਅਨ ਏਕਤਾ (ਆਜ਼ਾਦ) ਵੱਲੋਂ ਪਿੰਡ ਬਹਾਦਰਪੁਰ ਵਿੱਚ ਇਕਾਈ ਦੀ ਚੋਣ ਸਰਬ ਸੰਮਤੀ ਨਾਲ ਕੀਤੀ ਗਈ।
ਗਾਇਕ ਜੋਵਨਦੀਪ ਕੰਗ ਵੱਲੋਂ ਨਵੀਂ ਕੈਸਿਟ ਯਾਰੀਆਂ ਦਾ ਕੈਲੰਡਰ ਕੀਤਾ ਰਿਲੀਜ਼
ਨਵਾਂਸ਼ਹਿਰ 28 ਸਤੰਬਰ ਗਾਇਕ ਜੋਵਨਦੀਪ ਸਿੰਘ ਕੰਗ ਦੀ ਨਵੀਂ ਕੈਸਿਟ ਯਾਰੀਆਂ ਦਾ ਕੈਲੰਡਰ ਰਿਲੀਜ਼ ਕੀਤਾ ਗਿਆ।
ਆਉਣ ਵਾਲੀਆਂ 2027 ਦੀਆਂ ਵਿਧਾਨ ਸਭਾ ਚੋਣਾਂ ਵਿੱਚ ਅਕਾਲੀ ਦਲ ਬਾਦਲ
ਭਾਰੀ ਬਹੁਮਤ ਨਾਲ ਜਿੱਤ ਕੇ ਆਪਣੀ ਨਿਰੋਲ ਸਰਕਾਰ ਬਣਾਏਗਾ - ਜਾਹਿਦਾ ਸੁਲੇਮਾਨ
ਸੰਦੌੜ 28 ਸਤੰਬਰ (ਜਸਵੀਰ ਸਿੰਘ ਵਜੀਦਕੇ) ਪੰਜਾਬ ਦੀ ਮੌਜੂਦਾ ਆਪ ਸਰਕਾਰ ਨੇ ਹਰ ਮੁਹਾਜ਼ ਤੇ ਫੇਲ੍ਹ ਹੋ ਚੁੱਕੀ ਹੈ, ਜਿਸ ਕਰਕੇ ਲੋਕਾਂ ਦਾ ਭਰੋਸਾ ਉੱਠ ਚੁੱਕਾ ਹੈ। ਆਉਣ ਵਾਲੀਆਂ 2027 ਦੀਆਂ ਚੋਣਾਂ ਵਿੱਚ ਅਕਾਲੀ ਦਲ ਬਾਦਲ ਭਾਰੀ ਬਹੁਮਤ ਨਾਲ ਜਿੱਤ ਕੇ ਆਪਣੀ ਸਰਕਾਰ ਬਣਾਏਗਾ।
ਮੇਰਾ ਕਰੀਬੀ ਸਾਥੀ ਸਾਬਕਾ ਵਿਧਾਇਕ ਜਾਹਿਦਾ ਸੁਲੇਮਾਨ ਦਾ ਸਵਾਗਤ ਕਰਦੇ ਹੋਏ ਹਲਕਾ ਮਾਲੇਰਕੋਟਲਾ ਦੇ ਆਗੂ।
ਇਸ਼ਤਿਹਾਰ ਅਤੇ ਕਲਾਸੀਫਾਈਡ ਕੇਵਲ ਅਦਾਰਾ 'ਪਹਿਰੇਦਾਰ' ਦੀ ਈ-ਮੇਲ	rozanapehredaradvt@gmail.com	'ਤੇ ਹੀ ਭੇਜੇ ਜਾਣ।
